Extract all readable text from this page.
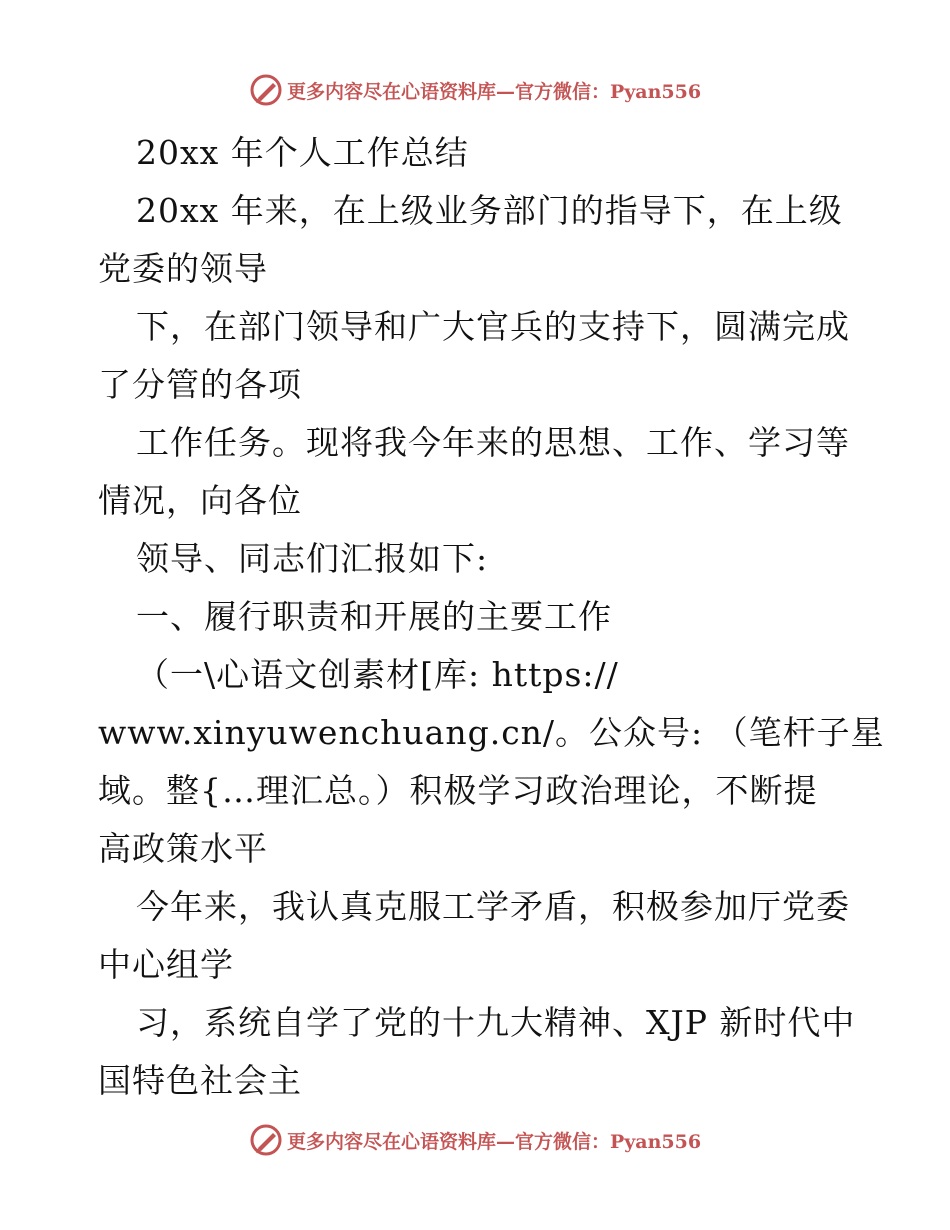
更多内容尽在心语资料库—官方微信：Pyan556
20xx 年个人工作总结
20xx 年来，在上级业务部门的指导下，在上级
党委的领导
下，在部门领导和广大官兵的支持下，圆满完成
了分管的各项
工作任务。现将我今年来的思想、工作、学习等
情况，向各位
领导、同志们汇报如下:
一、履行职责和开展的主要工作
（一\心语文创素材[库: https://
www.xinyuwenchuang.cn/。公众号: （笔杆子星
域。整{…理汇总。）积极学习政治理论，不断提
高政策水平
今年来，我认真克服工学矛盾，积极参加厅党委
中心组学
习，系统自学了党的十九大精神、XJP 新时代中
国特色社会主
更多内容尽在心语资料库—官方微信：Pyan556
